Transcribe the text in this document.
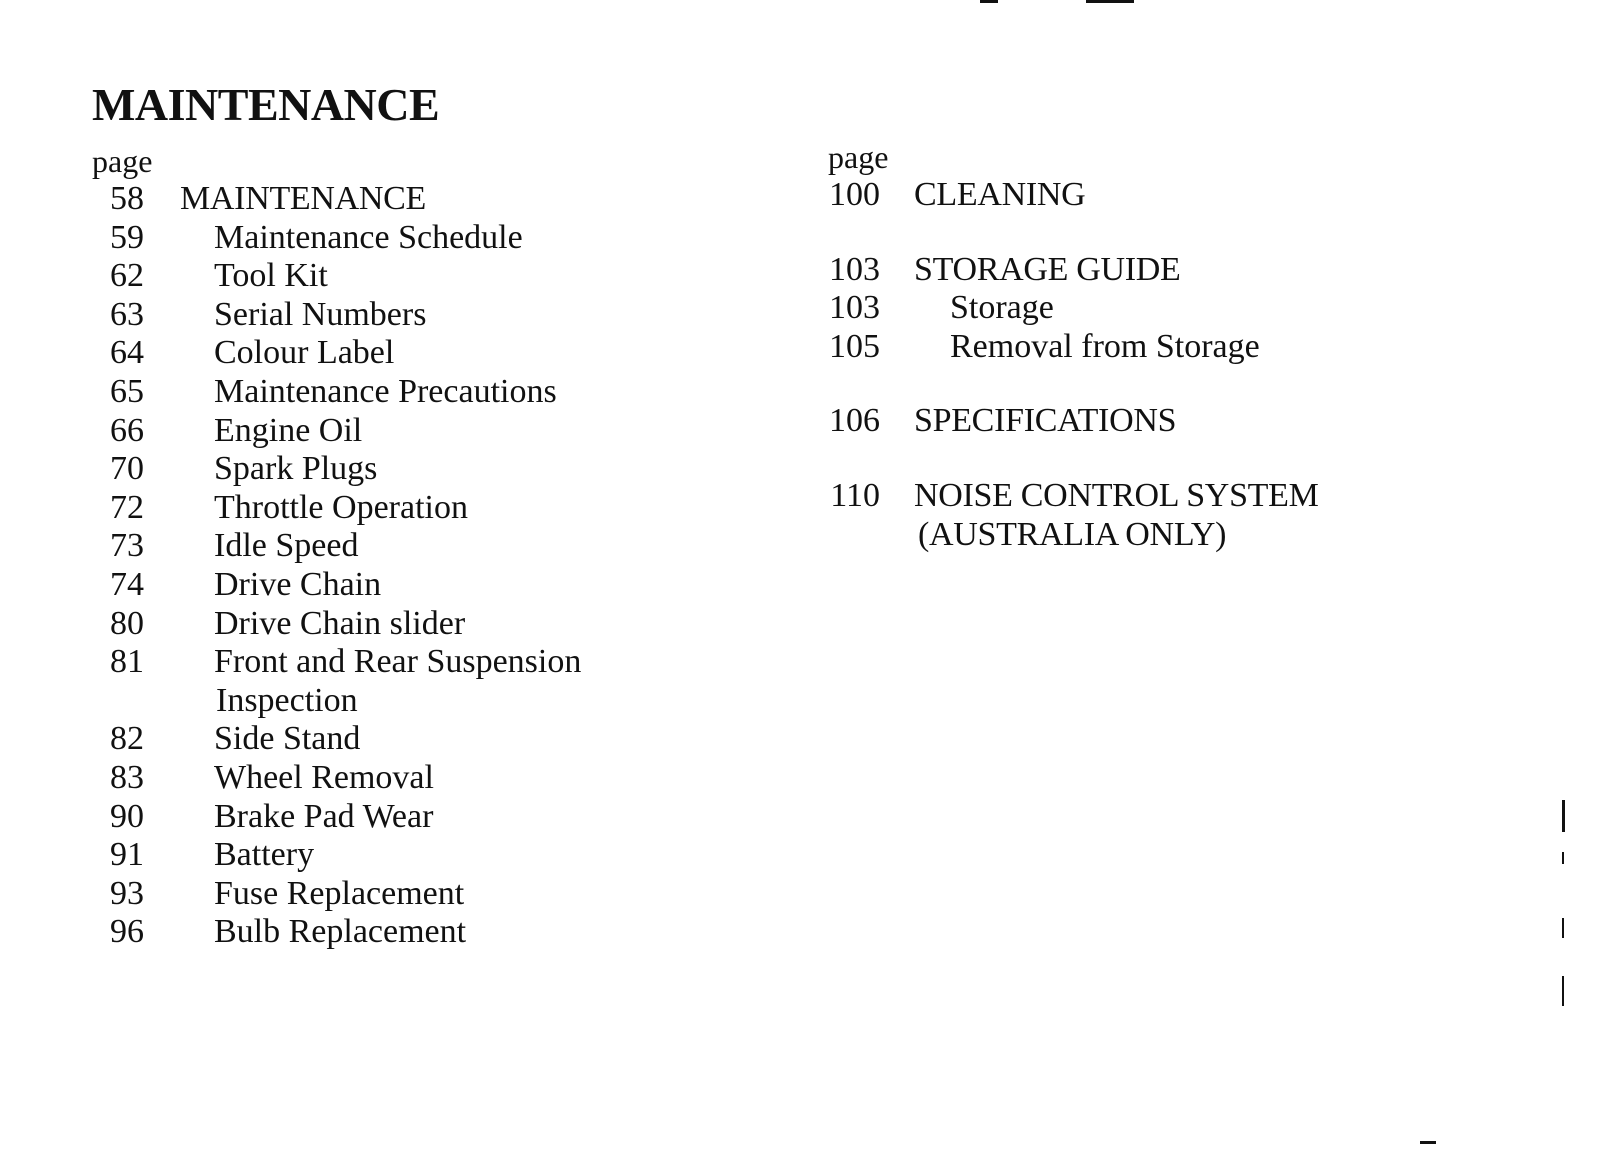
MAINTENANCE
page
58 MAINTENANCE
59 Maintenance Schedule
62 Tool Kit
63 Serial Numbers
64 Colour Label
65 Maintenance Precautions
66 Engine Oil
70 Spark Plugs
72 Throttle Operation
73 Idle Speed
74 Drive Chain
80 Drive Chain slider
81 Front and Rear Suspension
Inspection
82 Side Stand
83 Wheel Removal
90 Brake Pad Wear
91 Battery
93 Fuse Replacement
96 Bulb Replacement
page
100 CLEANING
103 STORAGE GUIDE
103 Storage
105 Removal from Storage
106 SPECIFICATIONS
110 NOISE CONTROL SYSTEM
(AUSTRALIA ONLY)
